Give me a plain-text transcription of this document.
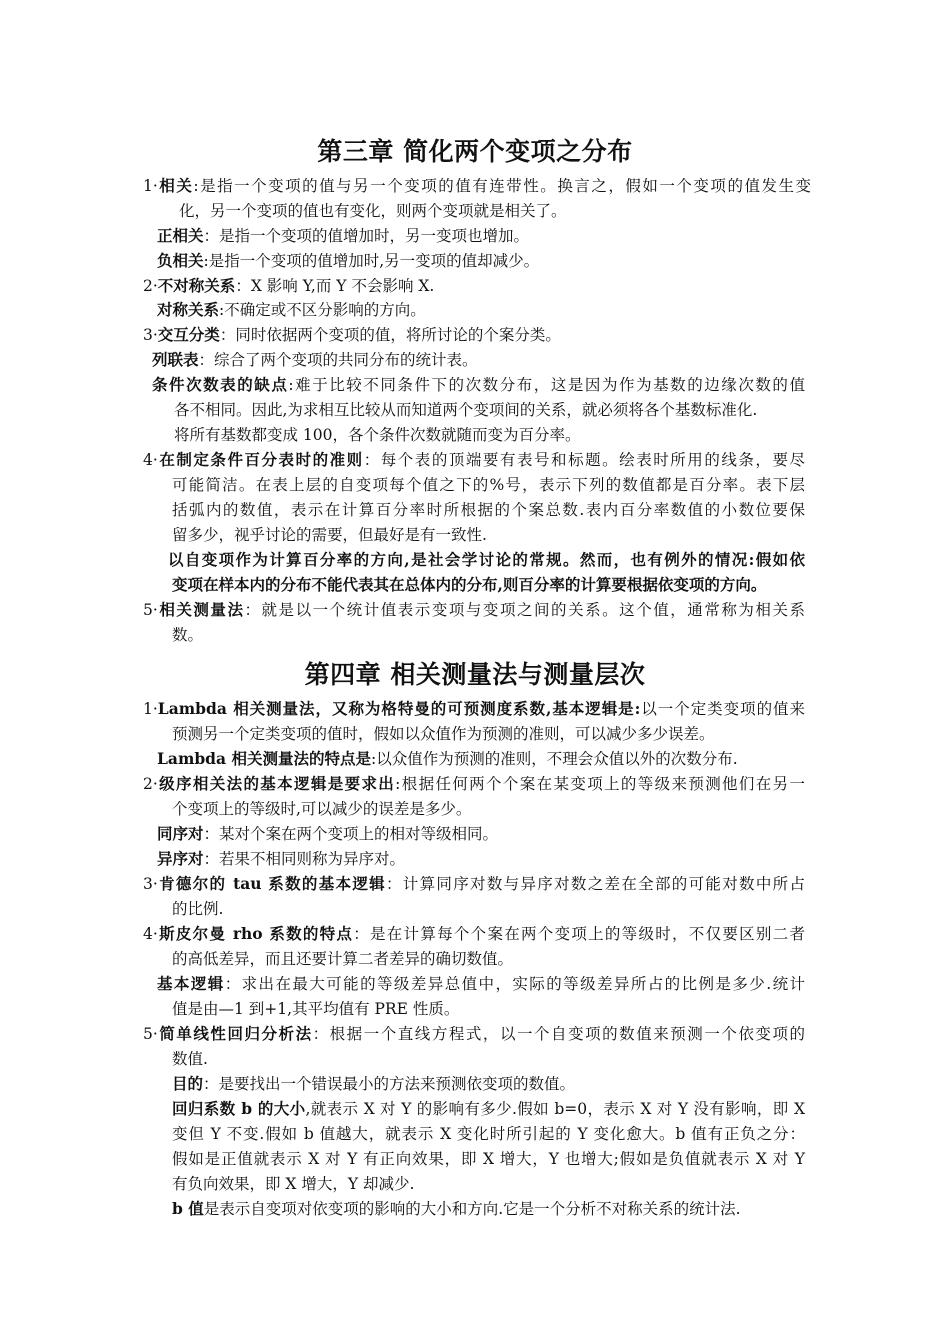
第三章 简化两个变项之分布
1·相关:是指一个变项的值与另一个变项的值有连带性。换言之，假如一个变项的值发生变
化，另一个变项的值也有变化，则两个变项就是相关了。
正相关：是指一个变项的值增加时，另一变项也增加。
负相关:是指一个变项的值增加时,另一变项的值却减少。
2·不对称关系：X 影响 Y,而 Y 不会影响 X.
对称关系:不确定或不区分影响的方向。
3·交互分类：同时依据两个变项的值，将所讨论的个案分类。
列联表：综合了两个变项的共同分布的统计表。
条件次数表的缺点:难于比较不同条件下的次数分布，这是因为作为基数的边缘次数的值
各不相同。因此,为求相互比较从而知道两个变项间的关系，就必须将各个基数标准化.
将所有基数都变成 100，各个条件次数就随而变为百分率。
4·在制定条件百分表时的准则：每个表的顶端要有表号和标题。绘表时所用的线条，要尽
可能简洁。在表上层的自变项每个值之下的%号，表示下列的数值都是百分率。表下层
括弧内的数值，表示在计算百分率时所根据的个案总数.表内百分率数值的小数位要保
留多少，视乎讨论的需要，但最好是有一致性.
以自变项作为计算百分率的方向,是社会学讨论的常规。然而，也有例外的情况:假如依
变项在样本内的分布不能代表其在总体内的分布,则百分率的计算要根据依变项的方向。
5·相关测量法：就是以一个统计值表示变项与变项之间的关系。这个值，通常称为相关系
数。
第四章 相关测量法与测量层次
1·Lambda 相关测量法，又称为格特曼的可预测度系数,基本逻辑是:以一个定类变项的值来
预测另一个定类变项的值时，假如以众值作为预测的准则，可以减少多少误差。
Lambda 相关测量法的特点是:以众值作为预测的准则，不理会众值以外的次数分布.
2·级序相关法的基本逻辑是要求出:根据任何两个个案在某变项上的等级来预测他们在另一
个变项上的等级时,可以减少的误差是多少。
同序对：某对个案在两个变项上的相对等级相同。
异序对：若果不相同则称为异序对。
3·肯德尔的 tau 系数的基本逻辑：计算同序对数与异序对数之差在全部的可能对数中所占
的比例.
4·斯皮尔曼 rho 系数的特点：是在计算每个个案在两个变项上的等级时，不仅要区别二者
的高低差异，而且还要计算二者差异的确切数值。
基本逻辑：求出在最大可能的等级差异总值中，实际的等级差异所占的比例是多少.统计
值是由—1 到+1,其平均值有 PRE 性质。
5·简单线性回归分析法：根据一个直线方程式，以一个自变项的数值来预测一个依变项的
数值.
目的：是要找出一个错误最小的方法来预测依变项的数值。
回归系数 b 的大小,就表示 X 对 Y 的影响有多少.假如 b=0，表示 X 对 Y 没有影响，即 X
变但 Y 不变.假如 b 值越大，就表示 X 变化时所引起的 Y 变化愈大。b 值有正负之分：
假如是正值就表示 X 对 Y 有正向效果，即 X 增大，Y 也增大;假如是负值就表示 X 对 Y
有负向效果，即 X 增大，Y 却减少.
b 值是表示自变项对依变项的影响的大小和方向.它是一个分析不对称关系的统计法.
